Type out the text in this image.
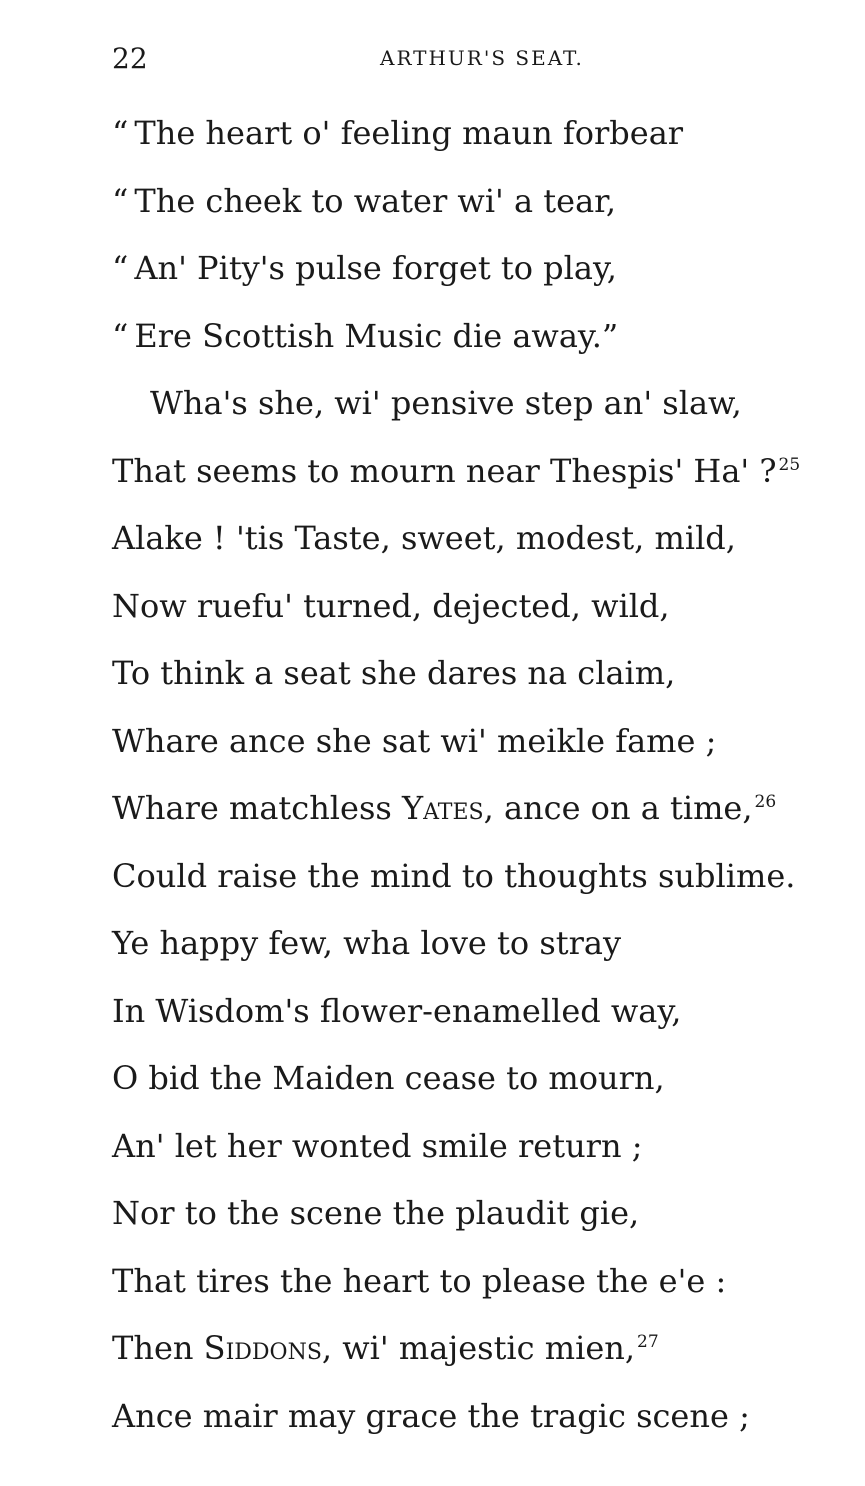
22	ARTHUR'S SEAT.
“ The heart o' feeling maun forbear
“ The cheek to water wi' a tear,
“ An' Pity's pulse forget to play,
“ Ere Scottish Music die away.”
Wha's she, wi' pensive step an' slaw,
That seems to mourn near Thespis' Ha' ? $^{25}$
Alake ! 'tis Taste, sweet, modest, mild,
Now ruefu' turned, dejected, wild,
To think a seat she dares na claim,
Whare ance she sat wi' meikle fame ;
Whare matchless Yates, ance on a time, $^{26}$
Could raise the mind to thoughts sublime.
Ye happy few, wha love to stray
In Wisdom's flower-enamelled way,
O bid the Maiden cease to mourn,
An' let her wonted smile return ;
Nor to the scene the plaudit gie,
That tires the heart to please the e'e :
Then Siddons, wi' majestic mien, $^{27}$
Ance mair may grace the tragic scene ;
